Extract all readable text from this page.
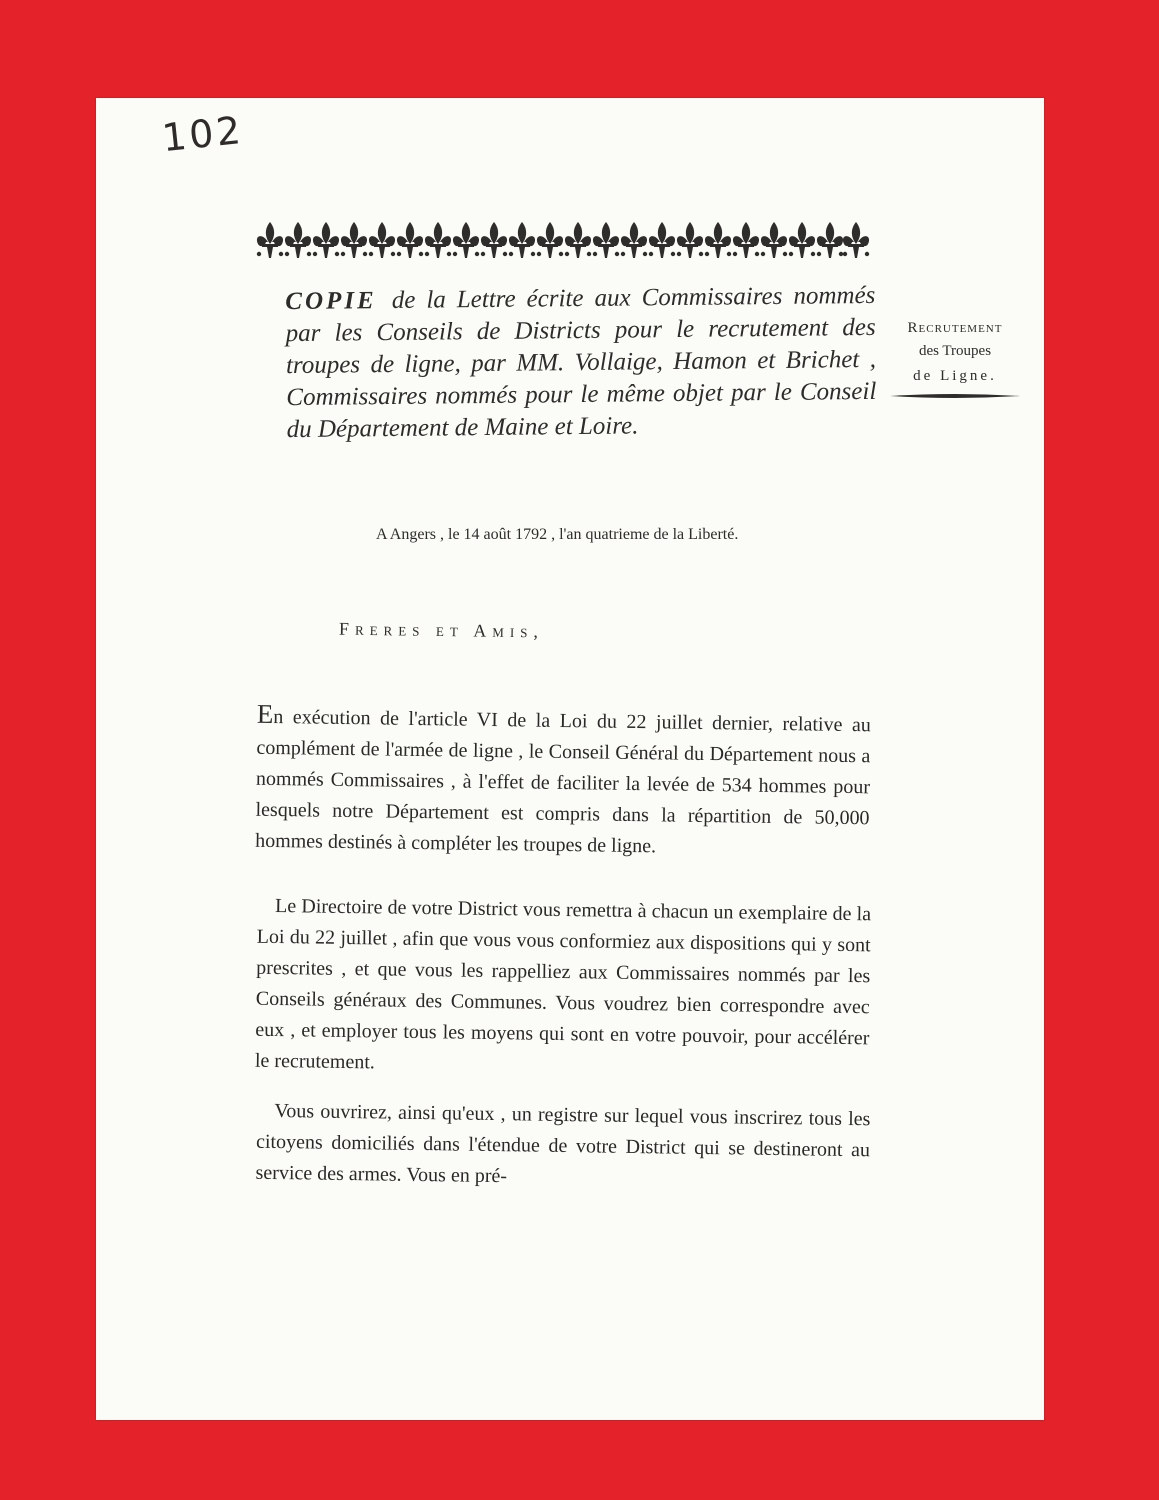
102
COPIE de la Lettre écrite aux Commissaires nommés par les Conseils de Districts pour le recrutement des troupes de ligne, par MM. Vollaige, Hamon et Brichet , Commissaires nommés pour le même objet par le Conseil du Département de Maine et Loire.
Recrutement
des Troupes
de Ligne.
A Angers , le 14 août 1792 , l'an quatrieme de la Liberté.
Freres et Amis,
En exécution de l'article VI de la Loi du 22 juillet dernier, relative au complément de l'armée de ligne , le Conseil Général du Département nous a nommés Commissaires , à l'effet de faciliter la levée de 534 hommes pour lesquels notre Département est compris dans la répartition de 50,000 hommes destinés à compléter les troupes de ligne.
Le Directoire de votre District vous remettra à chacun un exemplaire de la Loi du 22 juillet , afin que vous vous conformiez aux dispositions qui y sont prescrites , et que vous les rappelliez aux Commissaires nommés par les Conseils généraux des Communes. Vous voudrez bien correspondre avec eux , et employer tous les moyens qui sont en votre pouvoir, pour accélérer le recrutement.
Vous ouvrirez, ainsi qu'eux , un registre sur lequel vous inscrirez tous les citoyens domiciliés dans l'étendue de votre District qui se destineront au service des armes. Vous en pré-
